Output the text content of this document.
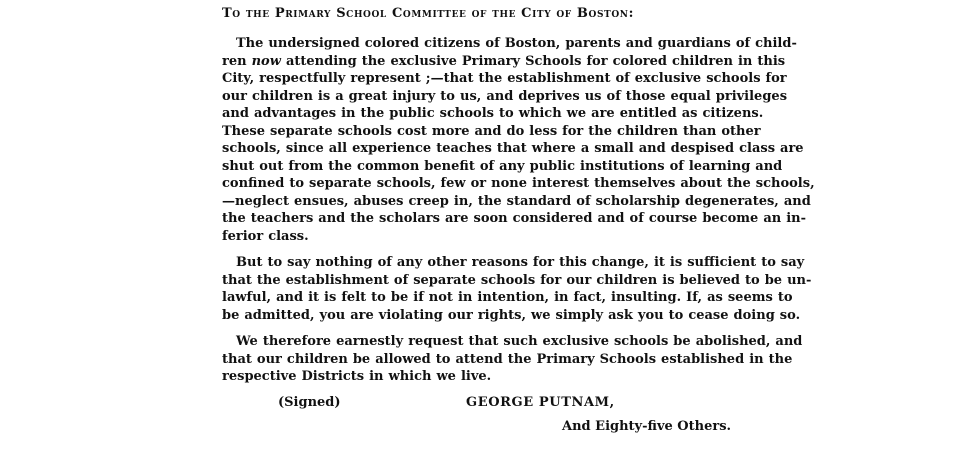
To the Primary School Committee of the City of Boston:
The undersigned colored citizens of Boston, parents and guardians of child-
ren now attending the exclusive Primary Schools for colored children in this
City, respectfully represent ;—that the establishment of exclusive schools for
our children is a great injury to us, and deprives us of those equal privileges
and advantages in the public schools to which we are entitled as citizens.
These separate schools cost more and do less for the children than other
schools, since all experience teaches that where a small and despised class are
shut out from the common benefit of any public institutions of learning and
confined to separate schools, few or none interest themselves about the schools,
—neglect ensues, abuses creep in, the standard of scholarship degenerates, and
the teachers and the scholars are soon considered and of course become an in-
ferior class.
But to say nothing of any other reasons for this change, it is sufficient to say
that the establishment of separate schools for our children is believed to be un-
lawful, and it is felt to be if not in intention, in fact, insulting. If, as seems to
be admitted, you are violating our rights, we simply ask you to cease doing so.
We therefore earnestly request that such exclusive schools be abolished, and
that our children be allowed to attend the Primary Schools established in the
respective Districts in which we live.
(Signed)	GEORGE PUTNAM,
And Eighty-five Others.
